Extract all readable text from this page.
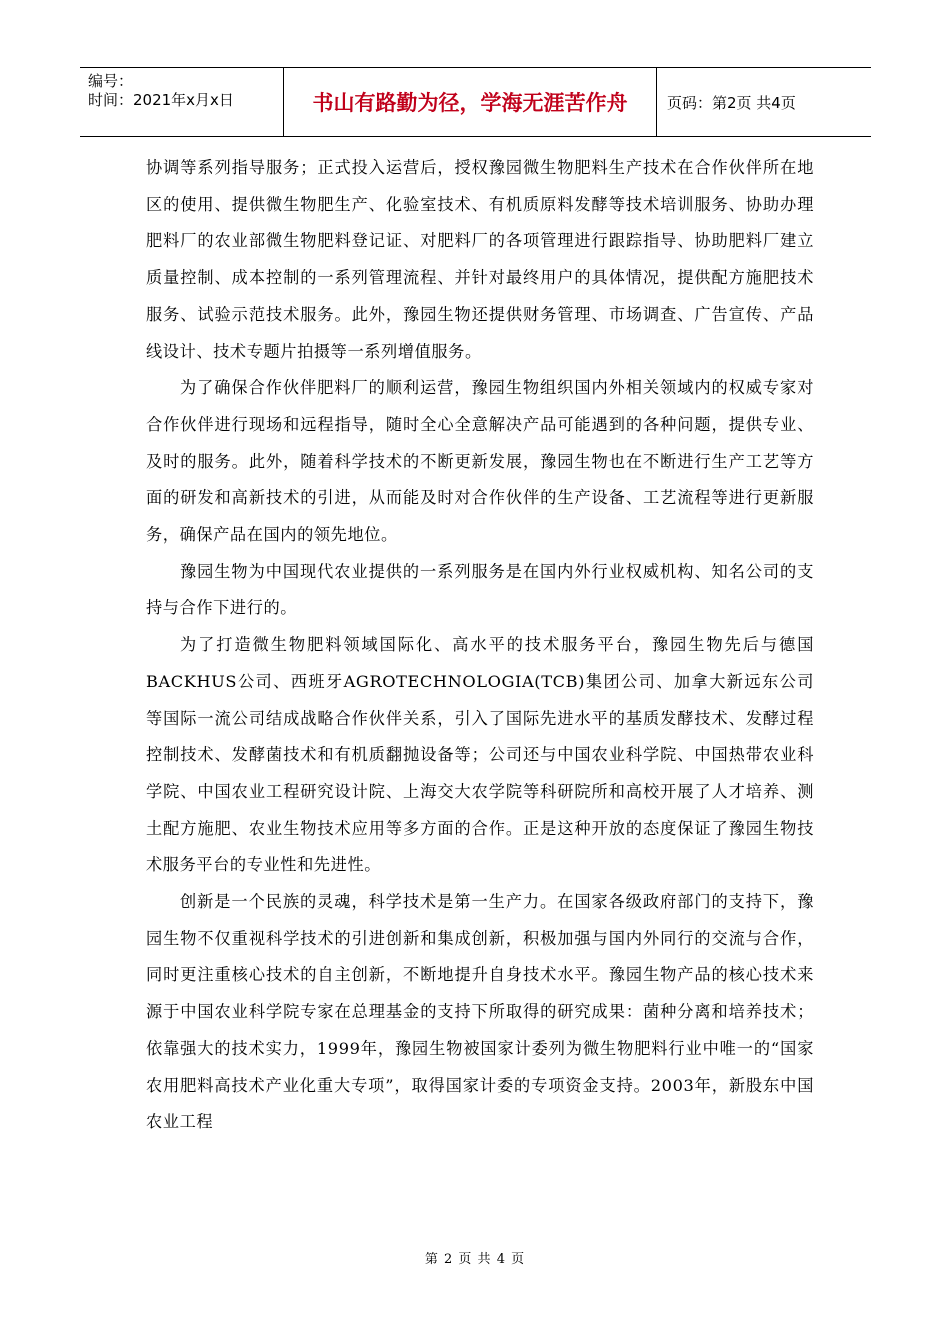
编号：
时间：2021年x月x日	书山有路勤为径，学海无涯苦作舟	页码：第2页 共4页

协调等系列指导服务；正式投入运营后，授权豫园微生物肥料生产技术在合作伙伴所在地区的使用、提供微生物肥生产、化验室技术、有机质原料发酵等技术培训服务、协助办理肥料厂的农业部微生物肥料登记证、对肥料厂的各项管理进行跟踪指导、协助肥料厂建立质量控制、成本控制的一系列管理流程、并针对最终用户的具体情况，提供配方施肥技术服务、试验示范技术服务。此外，豫园生物还提供财务管理、市场调查、广告宣传、产品线设计、技术专题片拍摄等一系列增值服务。

为了确保合作伙伴肥料厂的顺利运营，豫园生物组织国内外相关领域内的权威专家对合作伙伴进行现场和远程指导，随时全心全意解决产品可能遇到的各种问题，提供专业、及时的服务。此外，随着科学技术的不断更新发展，豫园生物也在不断进行生产工艺等方面的研发和高新技术的引进，从而能及时对合作伙伴的生产设备、工艺流程等进行更新服务，确保产品在国内的领先地位。

豫园生物为中国现代农业提供的一系列服务是在国内外行业权威机构、知名公司的支持与合作下进行的。

为了打造微生物肥料领域国际化、高水平的技术服务平台，豫园生物先后与德国BACKHUS公司、西班牙AGROTECHNOLOGIA(TCB)集团公司、加拿大新远东公司等国际一流公司结成战略合作伙伴关系，引入了国际先进水平的基质发酵技术、发酵过程控制技术、发酵菌技术和有机质翻抛设备等；公司还与中国农业科学院、中国热带农业科学院、中国农业工程研究设计院、上海交大农学院等科研院所和高校开展了人才培养、测土配方施肥、农业生物技术应用等多方面的合作。正是这种开放的态度保证了豫园生物技术服务平台的专业性和先进性。

创新是一个民族的灵魂，科学技术是第一生产力。在国家各级政府部门的支持下，豫园生物不仅重视科学技术的引进创新和集成创新，积极加强与国内外同行的交流与合作，同时更注重核心技术的自主创新，不断地提升自身技术水平。豫园生物产品的核心技术来源于中国农业科学院专家在总理基金的支持下所取得的研究成果：菌种分离和培养技术；依靠强大的技术实力，1999年，豫园生物被国家计委列为微生物肥料行业中唯一的“国家农用肥料高技术产业化重大专项”，取得国家计委的专项资金支持。2003年，新股东中国农业工程

第 2 页 共 4 页
